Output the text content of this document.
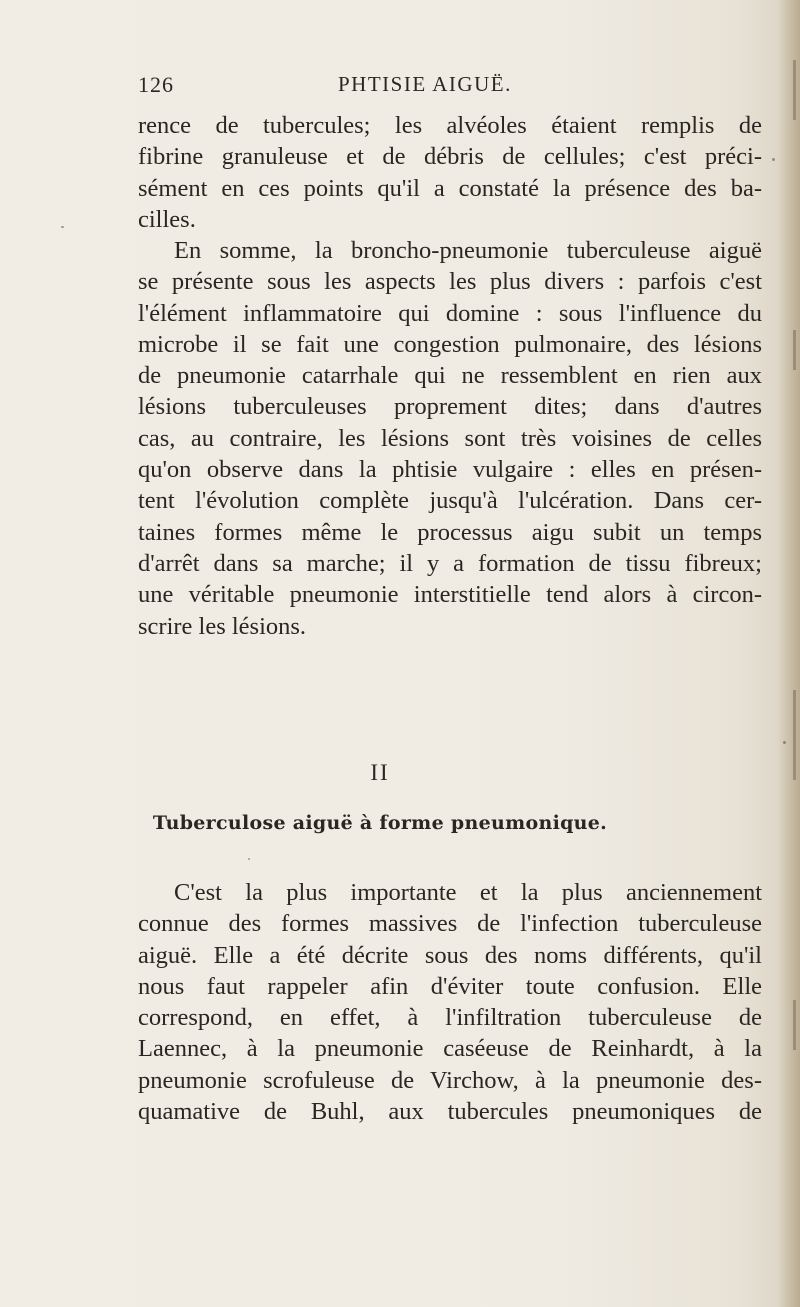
126	PHTISIE AIGUË.
rence de tubercules; les alvéoles étaient remplis de
fibrine granuleuse et de débris de cellules; c'est préci-
sément en ces points qu'il a constaté la présence des ba-
cilles.
En somme, la broncho-pneumonie tuberculeuse aiguë
se présente sous les aspects les plus divers : parfois c'est
l'élément inflammatoire qui domine : sous l'influence du
microbe il se fait une congestion pulmonaire, des lésions
de pneumonie catarrhale qui ne ressemblent en rien aux
lésions tuberculeuses proprement dites; dans d'autres
cas, au contraire, les lésions sont très voisines de celles
qu'on observe dans la phtisie vulgaire : elles en présen-
tent l'évolution complète jusqu'à l'ulcération. Dans cer-
taines formes même le processus aigu subit un temps
d'arrêt dans sa marche; il y a formation de tissu fibreux;
une véritable pneumonie interstitielle tend alors à circon-
scrire les lésions.
II
Tuberculose aiguë à forme pneumonique.
C'est la plus importante et la plus anciennement
connue des formes massives de l'infection tuberculeuse
aiguë. Elle a été décrite sous des noms différents, qu'il
nous faut rappeler afin d'éviter toute confusion. Elle
correspond, en effet, à l'infiltration tuberculeuse de
Laennec, à la pneumonie caséeuse de Reinhardt, à la
pneumonie scrofuleuse de Virchow, à la pneumonie des-
quamative de Buhl, aux tubercules pneumoniques de
